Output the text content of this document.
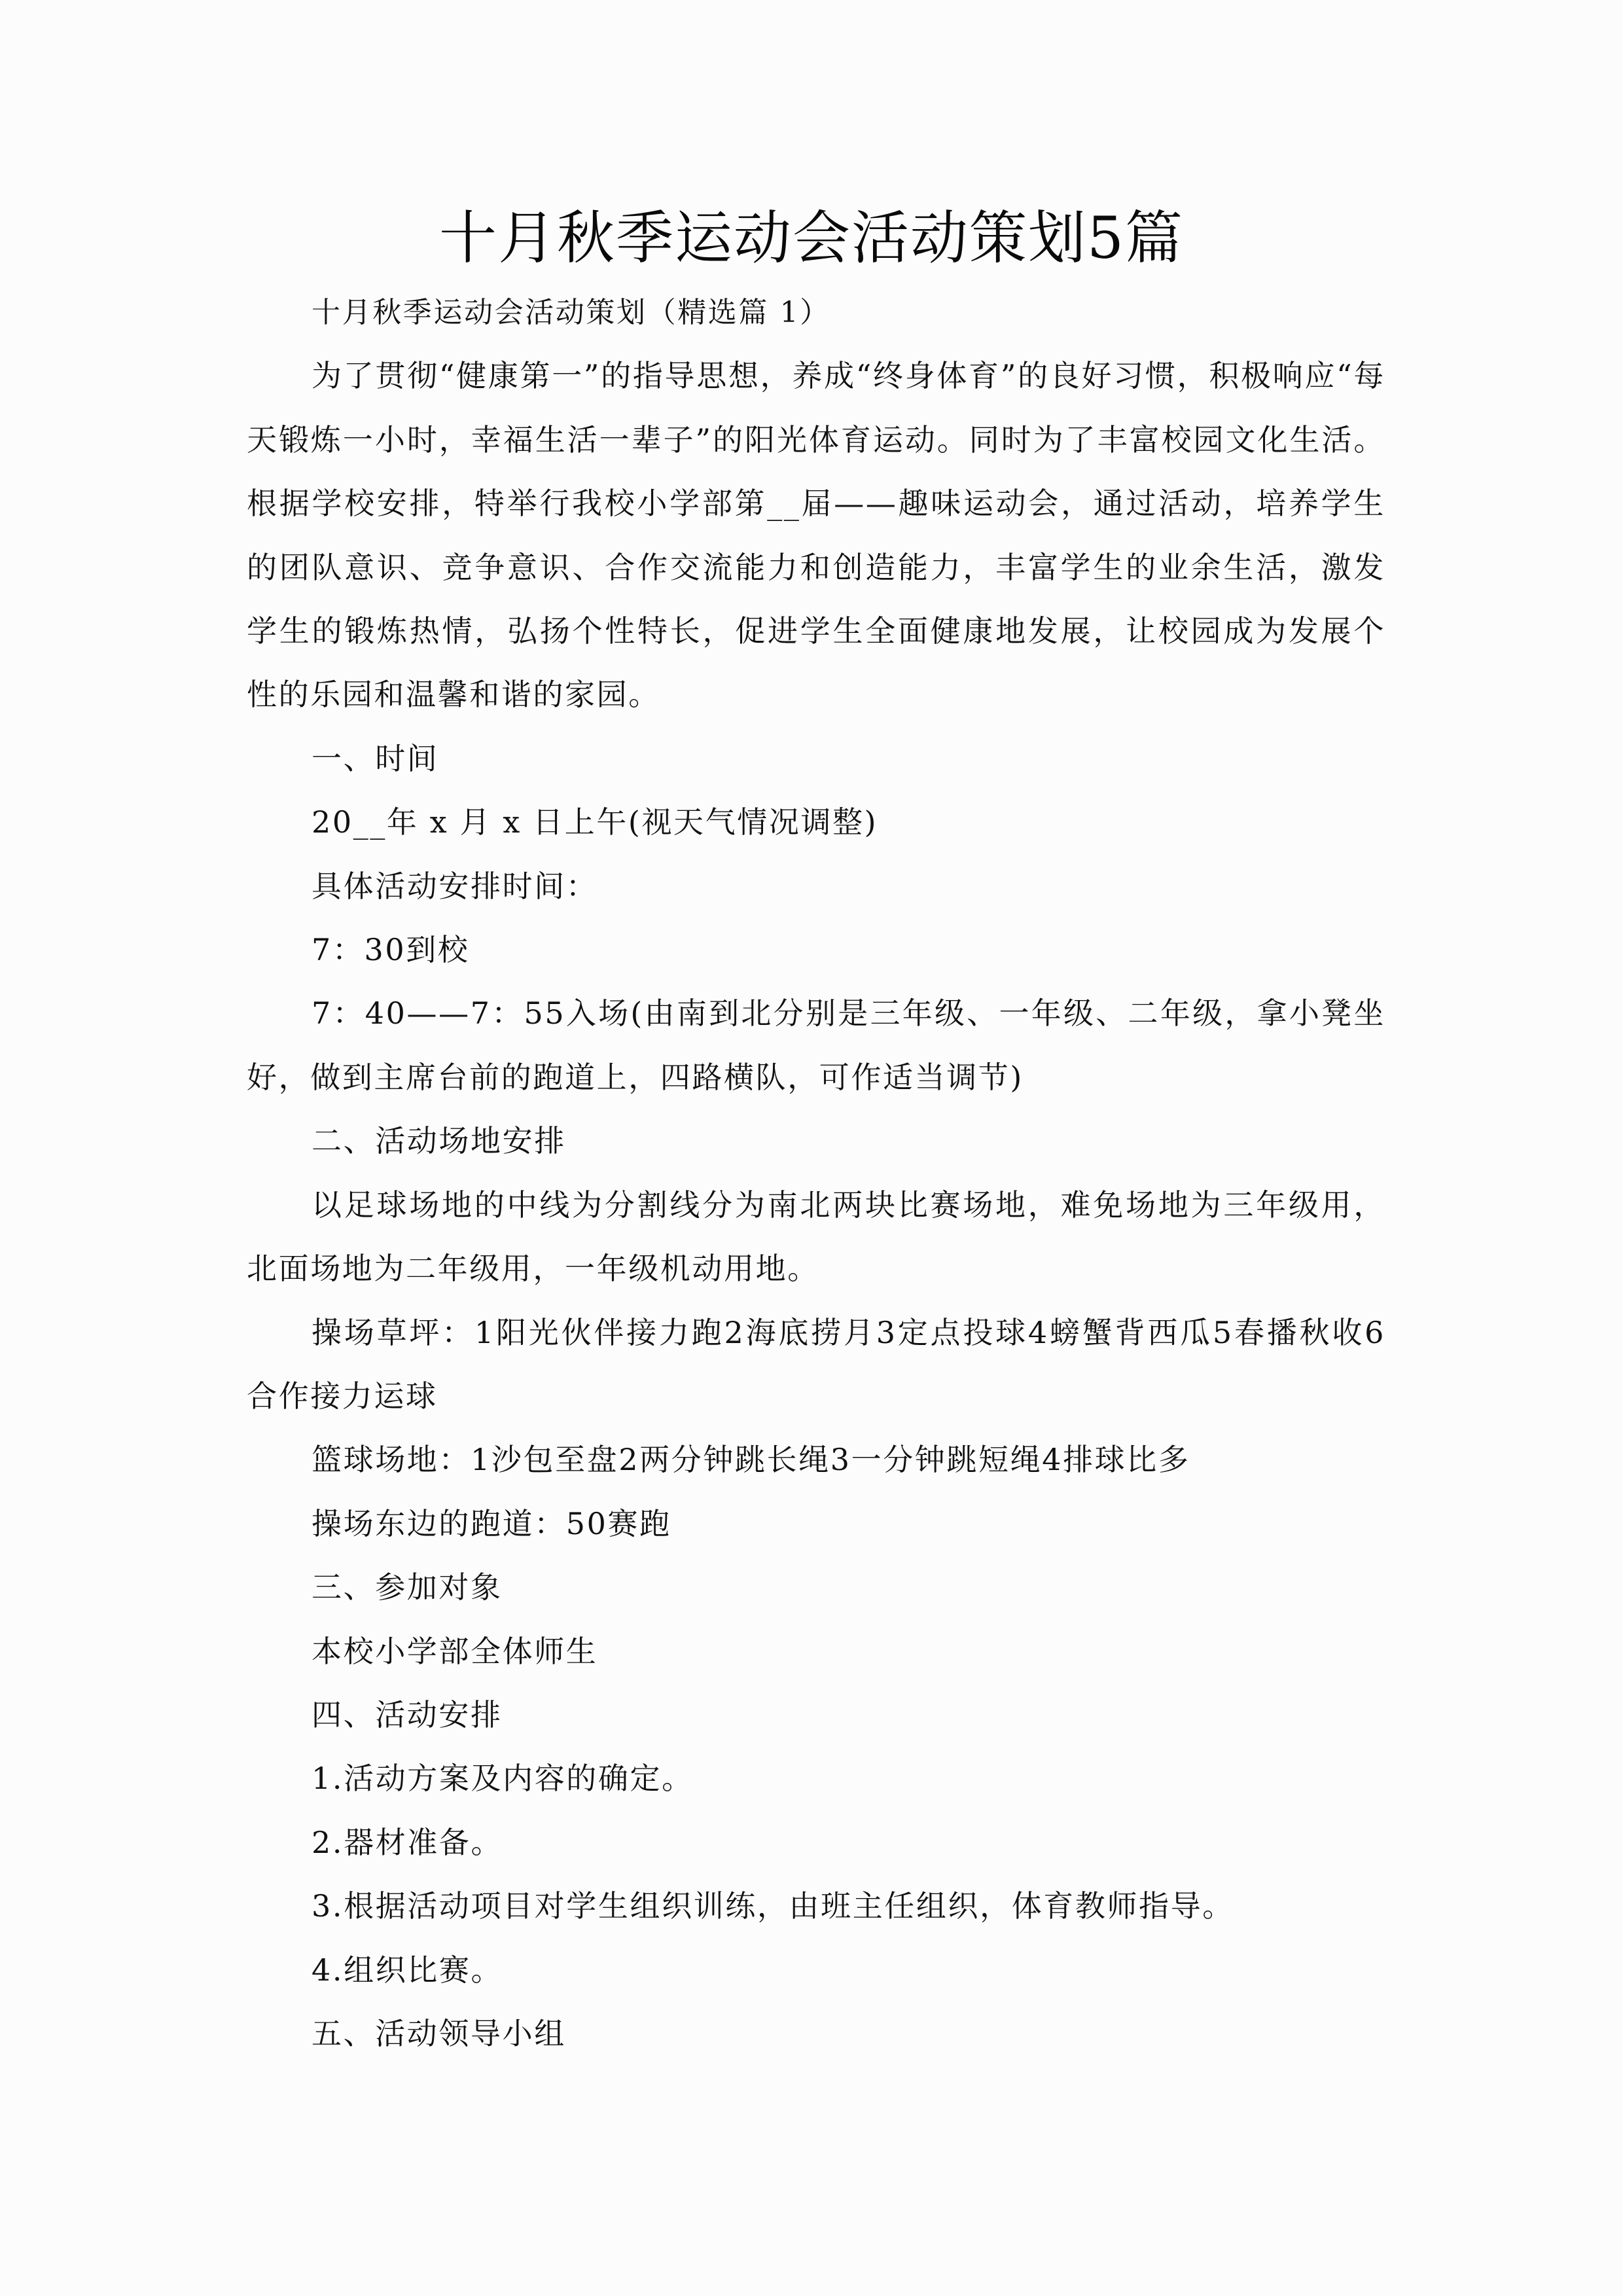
十月秋季运动会活动策划5篇

十月秋季运动会活动策划（精选篇 1）

为了贯彻“健康第一”的指导思想，养成“终身体育”的良好习惯，积极响应“每天锻炼一小时，幸福生活一辈子”的阳光体育运动。同时为了丰富校园文化生活。根据学校安排，特举行我校小学部第__届——趣味运动会，通过活动，培养学生的团队意识、竞争意识、合作交流能力和创造能力，丰富学生的业余生活，激发学生的锻炼热情，弘扬个性特长，促进学生全面健康地发展，让校园成为发展个性的乐园和温馨和谐的家园。

一、时间

20__年 x 月 x 日上午(视天气情况调整)

具体活动安排时间：

7：30到校

7：40——7：55入场(由南到北分别是三年级、一年级、二年级，拿小凳坐好，做到主席台前的跑道上，四路横队，可作适当调节)

二、活动场地安排

以足球场地的中线为分割线分为南北两块比赛场地，难免场地为三年级用，北面场地为二年级用，一年级机动用地。

操场草坪：1阳光伙伴接力跑2海底捞月3定点投球4螃蟹背西瓜5春播秋收6合作接力运球

篮球场地：1沙包至盘2两分钟跳长绳3一分钟跳短绳4排球比多

操场东边的跑道：50赛跑

三、参加对象

本校小学部全体师生

四、活动安排

1.活动方案及内容的确定。

2.器材准备。

3.根据活动项目对学生组织训练，由班主任组织，体育教师指导。

4.组织比赛。

五、活动领导小组
